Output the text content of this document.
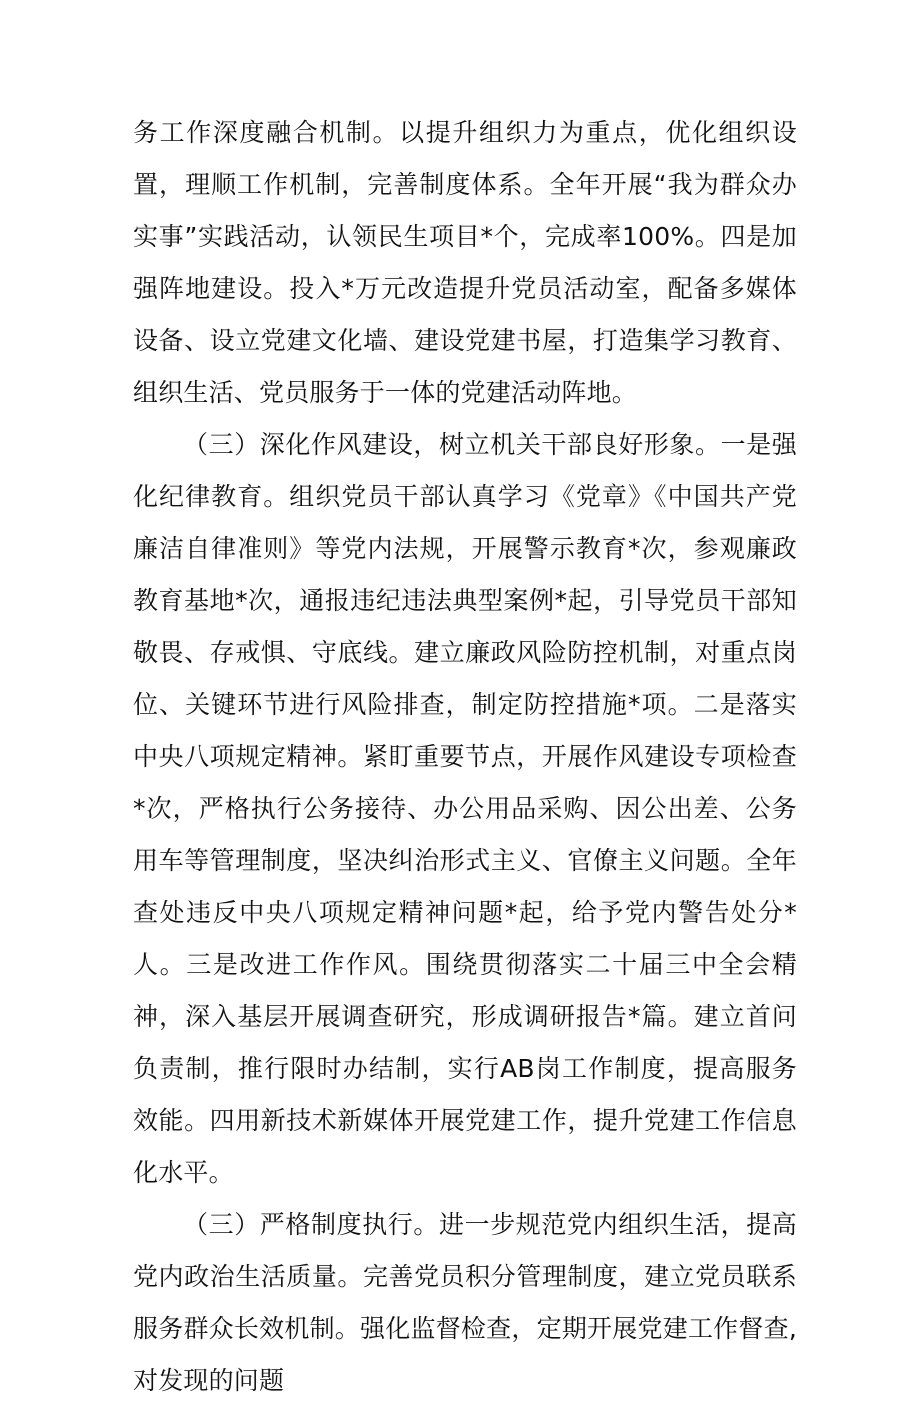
务工作深度融合机制。以提升组织力为重点，优化组织设置，理顺工作机制，完善制度体系。全年开展“我为群众办实事”实践活动，认领民生项目*个，完成率100%。四是加强阵地建设。投入*万元改造提升党员活动室，配备多媒体设备、设立党建文化墙、建设党建书屋，打造集学习教育、组织生活、党员服务于一体的党建活动阵地。

（三）深化作风建设，树立机关干部良好形象。一是强化纪律教育。组织党员干部认真学习《党章》《中国共产党廉洁自律准则》等党内法规，开展警示教育*次，参观廉政教育基地*次，通报违纪违法典型案例*起，引导党员干部知敬畏、存戒惧、守底线。建立廉政风险防控机制，对重点岗位、关键环节进行风险排查，制定防控措施*项。二是落实中央八项规定精神。紧盯重要节点，开展作风建设专项检查*次，严格执行公务接待、办公用品采购、因公出差、公务用车等管理制度，坚决纠治形式主义、官僚主义问题。全年查处违反中央八项规定精神问题*起，给予党内警告处分*人。三是改进工作作风。围绕贯彻落实二十届三中全会精神，深入基层开展调查研究，形成调研报告*篇。建立首问负责制，推行限时办结制，实行AB岗工作制度，提高服务效能。四用新技术新媒体开展党建工作，提升党建工作信息化水平。

（三）严格制度执行。进一步规范党内组织生活，提高党内政治生活质量。完善党员积分管理制度，建立党员联系服务群众长效机制。强化监督检查，定期开展党建工作督查,对发现的问题
